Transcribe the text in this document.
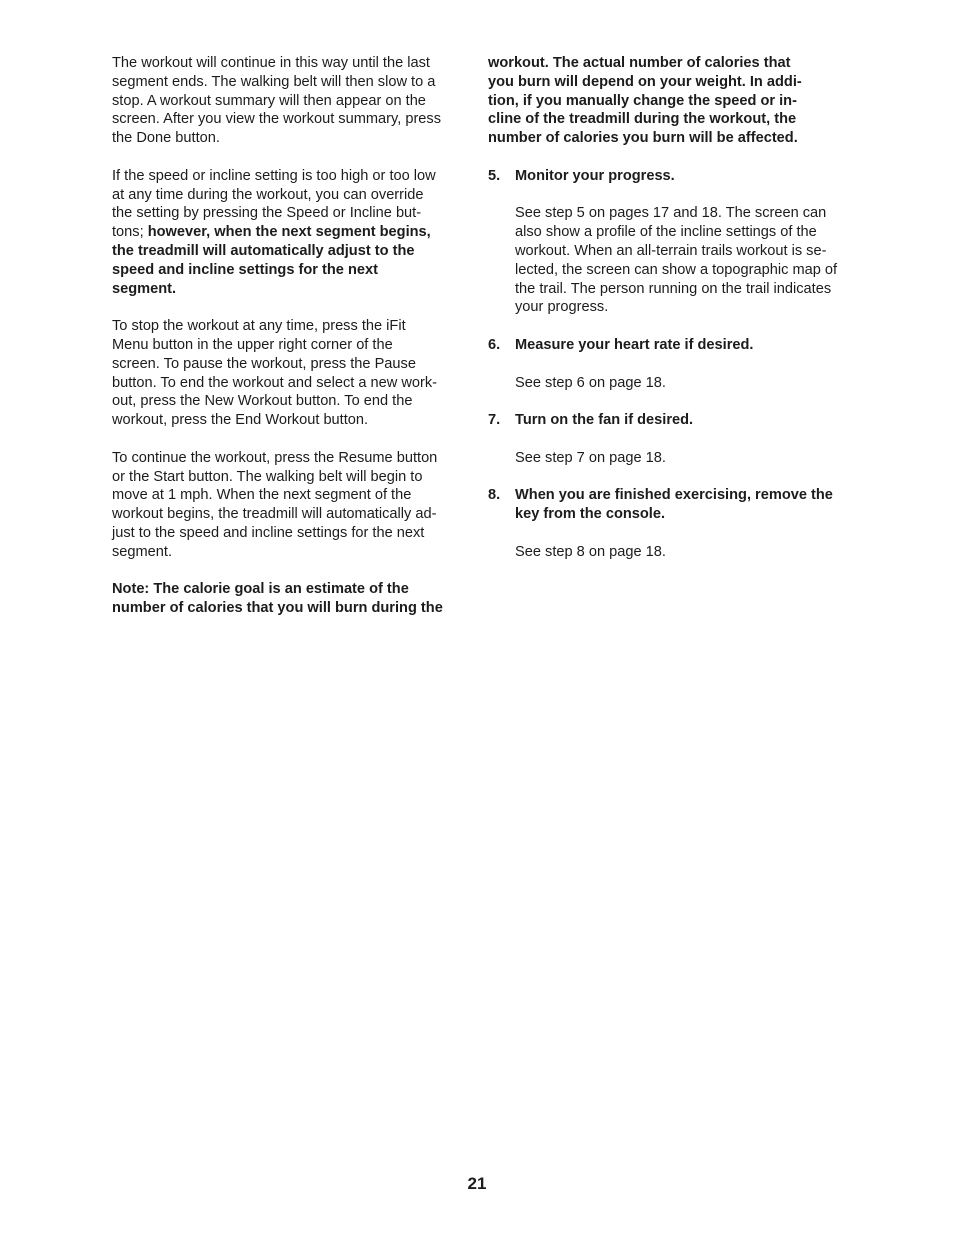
The workout will continue in this way until the last
segment ends. The walking belt will then slow to a
stop. A workout summary will then appear on the
screen. After you view the workout summary, press
the Done button.

If the speed or incline setting is too high or too low
at any time during the workout, you can override
the setting by pressing the Speed or Incline but-
tons; however, when the next segment begins,
the treadmill will automatically adjust to the
speed and incline settings for the next
segment.

To stop the workout at any time, press the iFit
Menu button in the upper right corner of the
screen. To pause the workout, press the Pause
button. To end the workout and select a new work-
out, press the New Workout button. To end the
workout, press the End Workout button.

To continue the workout, press the Resume button
or the Start button. The walking belt will begin to
move at 1 mph. When the next segment of the
workout begins, the treadmill will automatically ad-
just to the speed and incline settings for the next
segment.

Note: The calorie goal is an estimate of the
number of calories that you will burn during the

workout. The actual number of calories that
you burn will depend on your weight. In addi-
tion, if you manually change the speed or in-
cline of the treadmill during the workout, the
number of calories you burn will be affected.

5.	Monitor your progress.
See step 5 on pages 17 and 18. The screen can
also show a profile of the incline settings of the
workout. When an all-terrain trails workout is se-
lected, the screen can show a topographic map of
the trail. The person running on the trail indicates
your progress.
6.	Measure your heart rate if desired.
See step 6 on page 18.
7.	Turn on the fan if desired.
See step 7 on page 18.
8.	When you are finished exercising, remove the
key from the console.
See step 8 on page 18.
21
